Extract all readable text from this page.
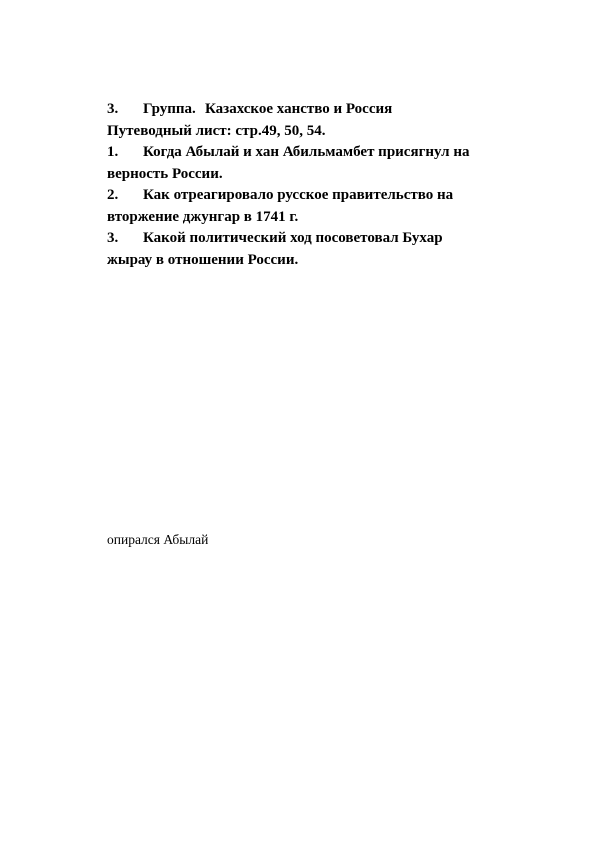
3. Группа. Казахское ханство и Россия
Путеводный лист: стр.49, 50, 54.
1. Когда Абылай и хан Абильмамбет присягнул на
верность России.
2. Как отреагировало русское правительство на
вторжение джунгар в 1741 г.
3. Какой политический ход посоветовал Бухар
жырау в отношении России.
опирался Абылай
